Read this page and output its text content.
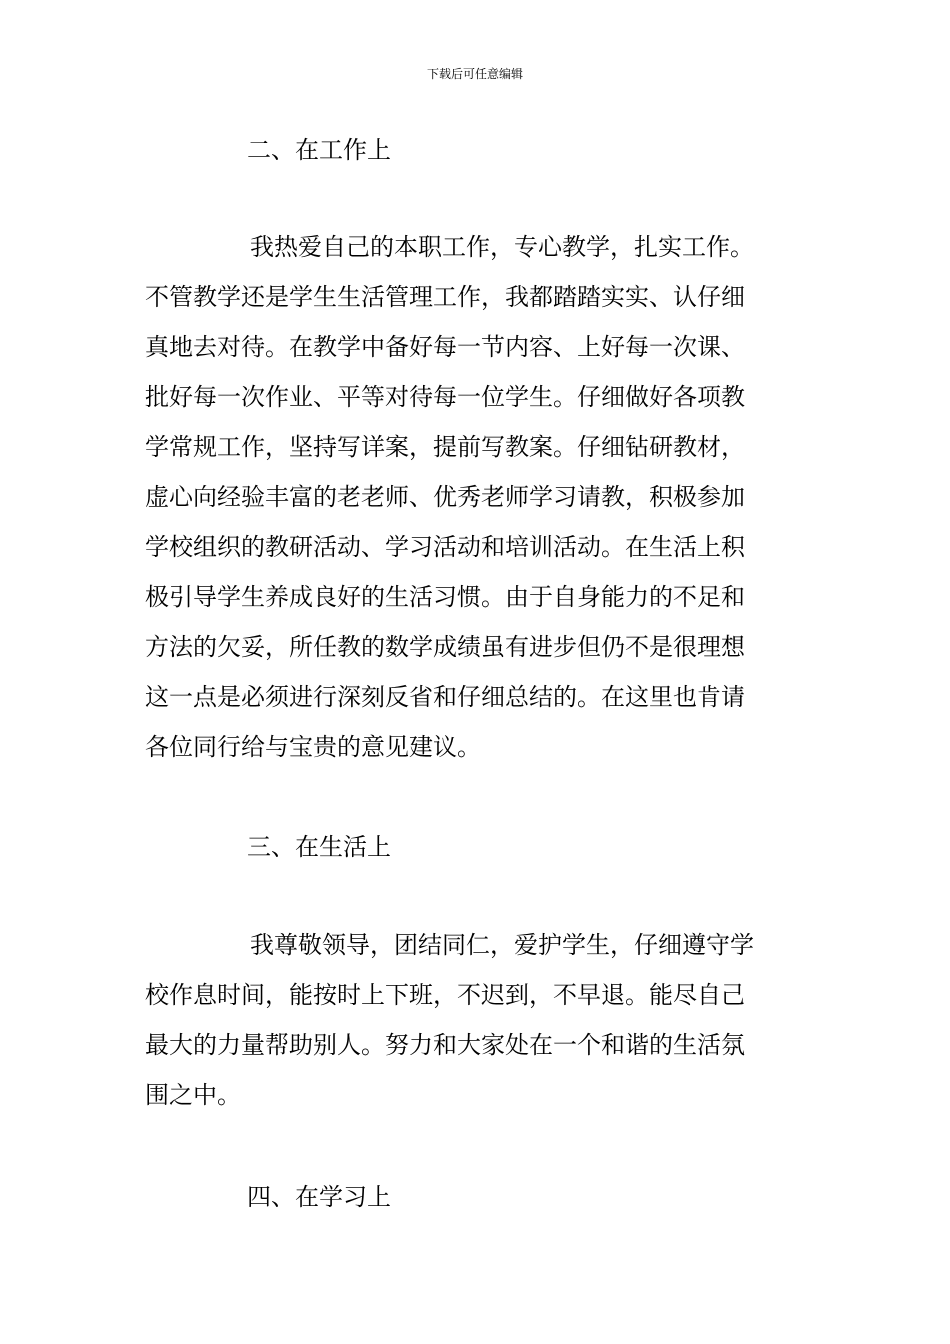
下载后可任意编辑
二、在工作上
我热爱自己的本职工作，专心教学，扎实工作。
不管教学还是学生生活管理工作，我都踏踏实实、认仔细
真地去对待。在教学中备好每一节内容、上好每一次课、
批好每一次作业、平等对待每一位学生。仔细做好各项教
学常规工作，坚持写详案，提前写教案。仔细钻研教材，
虚心向经验丰富的老老师、优秀老师学习请教，积极参加
学校组织的教研活动、学习活动和培训活动。在生活上积
极引导学生养成良好的生活习惯。由于自身能力的不足和
方法的欠妥，所任教的数学成绩虽有进步但仍不是很理想
这一点是必须进行深刻反省和仔细总结的。在这里也肯请
各位同行给与宝贵的意见建议。
三、在生活上
我尊敬领导，团结同仁，爱护学生，仔细遵守学
校作息时间，能按时上下班，不迟到，不早退。能尽自己
最大的力量帮助别人。努力和大家处在一个和谐的生活氛
围之中。
四、在学习上
